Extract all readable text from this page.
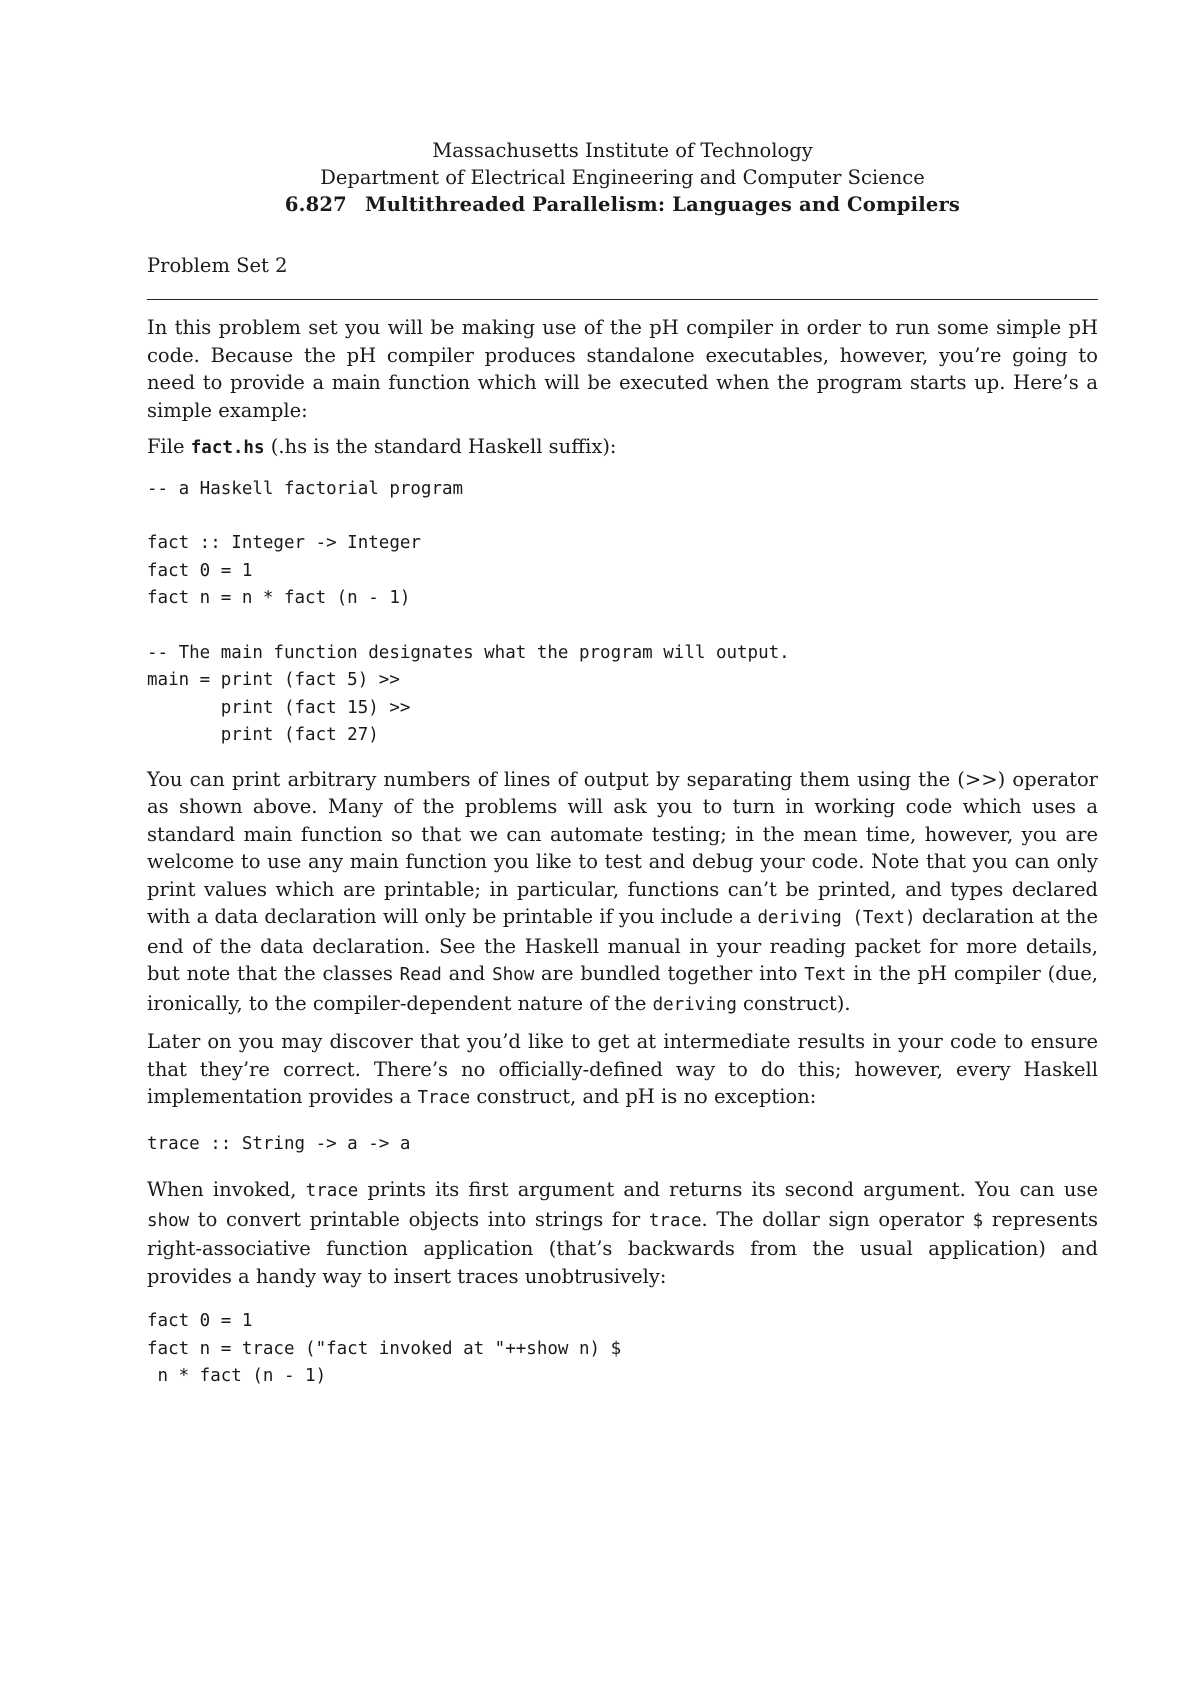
Massachusetts Institute of Technology
Department of Electrical Engineering and Computer Science
6.827 Multithreaded Parallelism: Languages and Compilers
Problem Set 2

In this problem set you will be making use of the pH compiler in order to run some simple pH code. Because the pH compiler produces standalone executables, however, you’re going to need to provide a main function which will be executed when the program starts up. Here’s a simple example:

File fact.hs (.hs is the standard Haskell suffix):

-- a Haskell factorial program
fact :: Integer -> Integer
fact 0 = 1
fact n = n * fact (n - 1)
-- The main function designates what the program will output.
main = print (fact 5) >>
print (fact 15) >>
print (fact 27)

You can print arbitrary numbers of lines of output by separating them using the (>>) operator as shown above. Many of the problems will ask you to turn in working code which uses a standard main function so that we can automate testing; in the mean time, however, you are welcome to use any main function you like to test and debug your code. Note that you can only print values which are printable; in particular, functions can’t be printed, and types declared with a data declaration will only be printable if you include a deriving (Text) declaration at the end of the data declaration. See the Haskell manual in your reading packet for more details, but note that the classes Read and Show are bundled together into Text in the pH compiler (due, ironically, to the compiler-dependent nature of the deriving construct).

Later on you may discover that you’d like to get at intermediate results in your code to ensure that they’re correct. There’s no officially-defined way to do this; however, every Haskell implementation provides a Trace construct, and pH is no exception:

trace :: String -> a -> a

When invoked, trace prints its first argument and returns its second argument. You can use show to convert printable objects into strings for trace. The dollar sign operator $ represents right-associative function application (that’s backwards from the usual application) and provides a handy way to insert traces unobtrusively:

fact 0 = 1
fact n = trace ("fact invoked at "++show n) $
n * fact (n - 1)
